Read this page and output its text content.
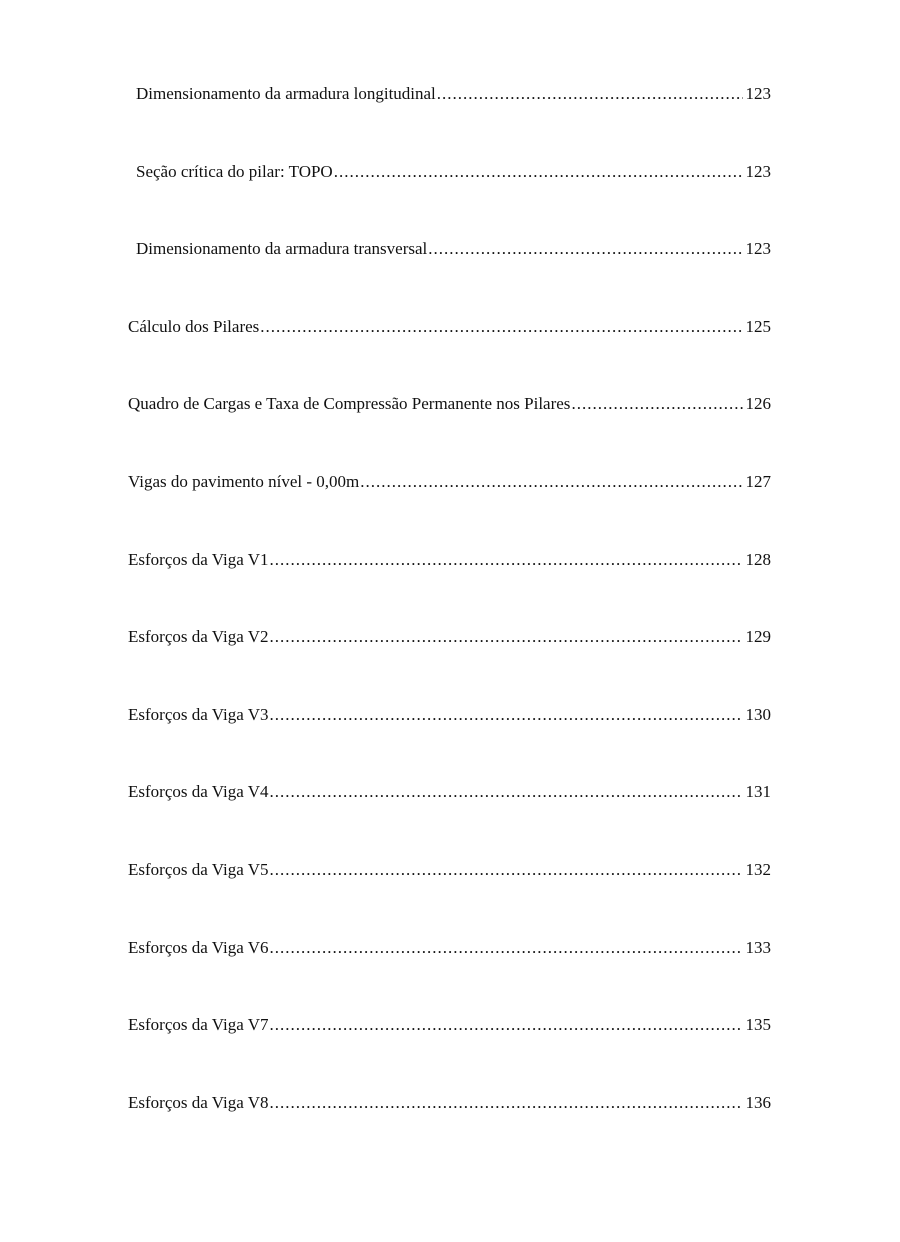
Dimensionamento da armadura longitudinal .....	123
Seção crítica do pilar: TOPO .....	123
Dimensionamento da armadura transversal .....	123
Cálculo dos Pilares .....	125
Quadro de Cargas e Taxa de Compressão Permanente nos Pilares .....	126
Vigas do pavimento nível - 0,00m .....	127
Esforços da Viga V1 .....	128
Esforços da Viga V2 .....	129
Esforços da Viga V3 .....	130
Esforços da Viga V4 .....	131
Esforços da Viga V5 .....	132
Esforços da Viga V6 .....	133
Esforços da Viga V7 .....	135
Esforços da Viga V8 .....	136
